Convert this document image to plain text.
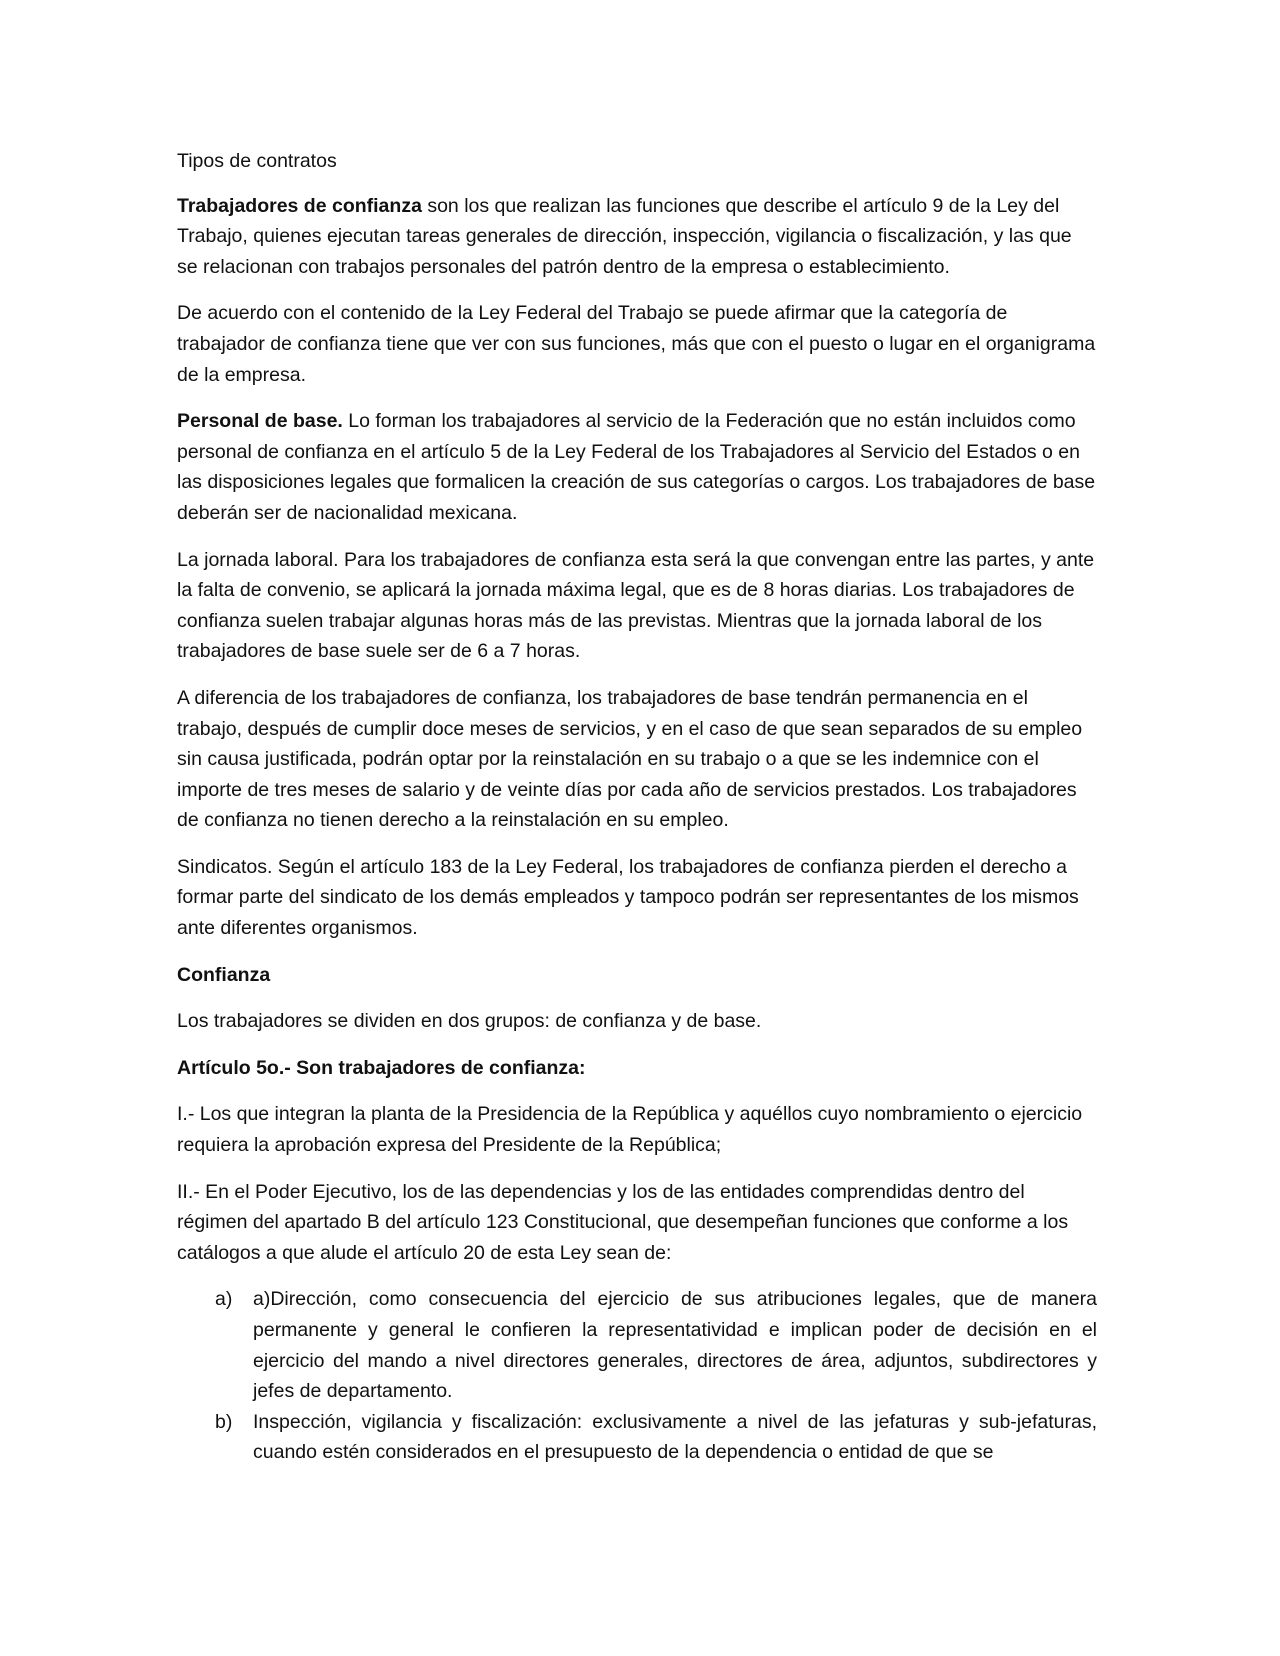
Tipos de contratos

Trabajadores de confianza son los que realizan las funciones que describe el artículo 9 de la Ley del Trabajo, quienes ejecutan tareas generales de dirección, inspección, vigilancia o fiscalización, y las que se relacionan con trabajos personales del patrón dentro de la empresa o establecimiento.

De acuerdo con el contenido de la Ley Federal del Trabajo se puede afirmar que la categoría de trabajador de confianza tiene que ver con sus funciones, más que con el puesto o lugar en el organigrama de la empresa.

Personal de base. Lo forman los trabajadores al servicio de la Federación que no están incluidos como personal de confianza en el artículo 5 de la Ley Federal de los Trabajadores al Servicio del Estados o en las disposiciones legales que formalicen la creación de sus categorías o cargos. Los trabajadores de base deberán ser de nacionalidad mexicana.

La jornada laboral. Para los trabajadores de confianza esta será la que convengan entre las partes, y ante la falta de convenio, se aplicará la jornada máxima legal, que es de 8 horas diarias. Los trabajadores de confianza suelen trabajar algunas horas más de las previstas. Mientras que la jornada laboral de los trabajadores de base suele ser de 6 a 7 horas.

A diferencia de los trabajadores de confianza, los trabajadores de base tendrán permanencia en el trabajo, después de cumplir doce meses de servicios, y en el caso de que sean separados de su empleo sin causa justificada, podrán optar por la reinstalación en su trabajo o a que se les indemnice con el importe de tres meses de salario y de veinte días por cada año de servicios prestados. Los trabajadores de confianza no tienen derecho a la reinstalación en su empleo.

Sindicatos. Según el artículo 183 de la Ley Federal, los trabajadores de confianza pierden el derecho a formar parte del sindicato de los demás empleados y tampoco podrán ser representantes de los mismos ante diferentes organismos.

Confianza

Los trabajadores se dividen en dos grupos: de confianza y de base.

Artículo 5o.- Son trabajadores de confianza:

I.- Los que integran la planta de la Presidencia de la República y aquéllos cuyo nombramiento o ejercicio requiera la aprobación expresa del Presidente de la República;

II.- En el Poder Ejecutivo, los de las dependencias y los de las entidades comprendidas dentro del régimen del apartado B del artículo 123 Constitucional, que desempeñan funciones que conforme a los catálogos a que alude el artículo 20 de esta Ley sean de:

a) a)Dirección, como consecuencia del ejercicio de sus atribuciones legales, que de manera permanente y general le confieren la representatividad e implican poder de decisión en el ejercicio del mando a nivel directores generales, directores de área, adjuntos, subdirectores y jefes de departamento.
b) Inspección, vigilancia y fiscalización: exclusivamente a nivel de las jefaturas y sub-jefaturas, cuando estén considerados en el presupuesto de la dependencia o entidad de que se
